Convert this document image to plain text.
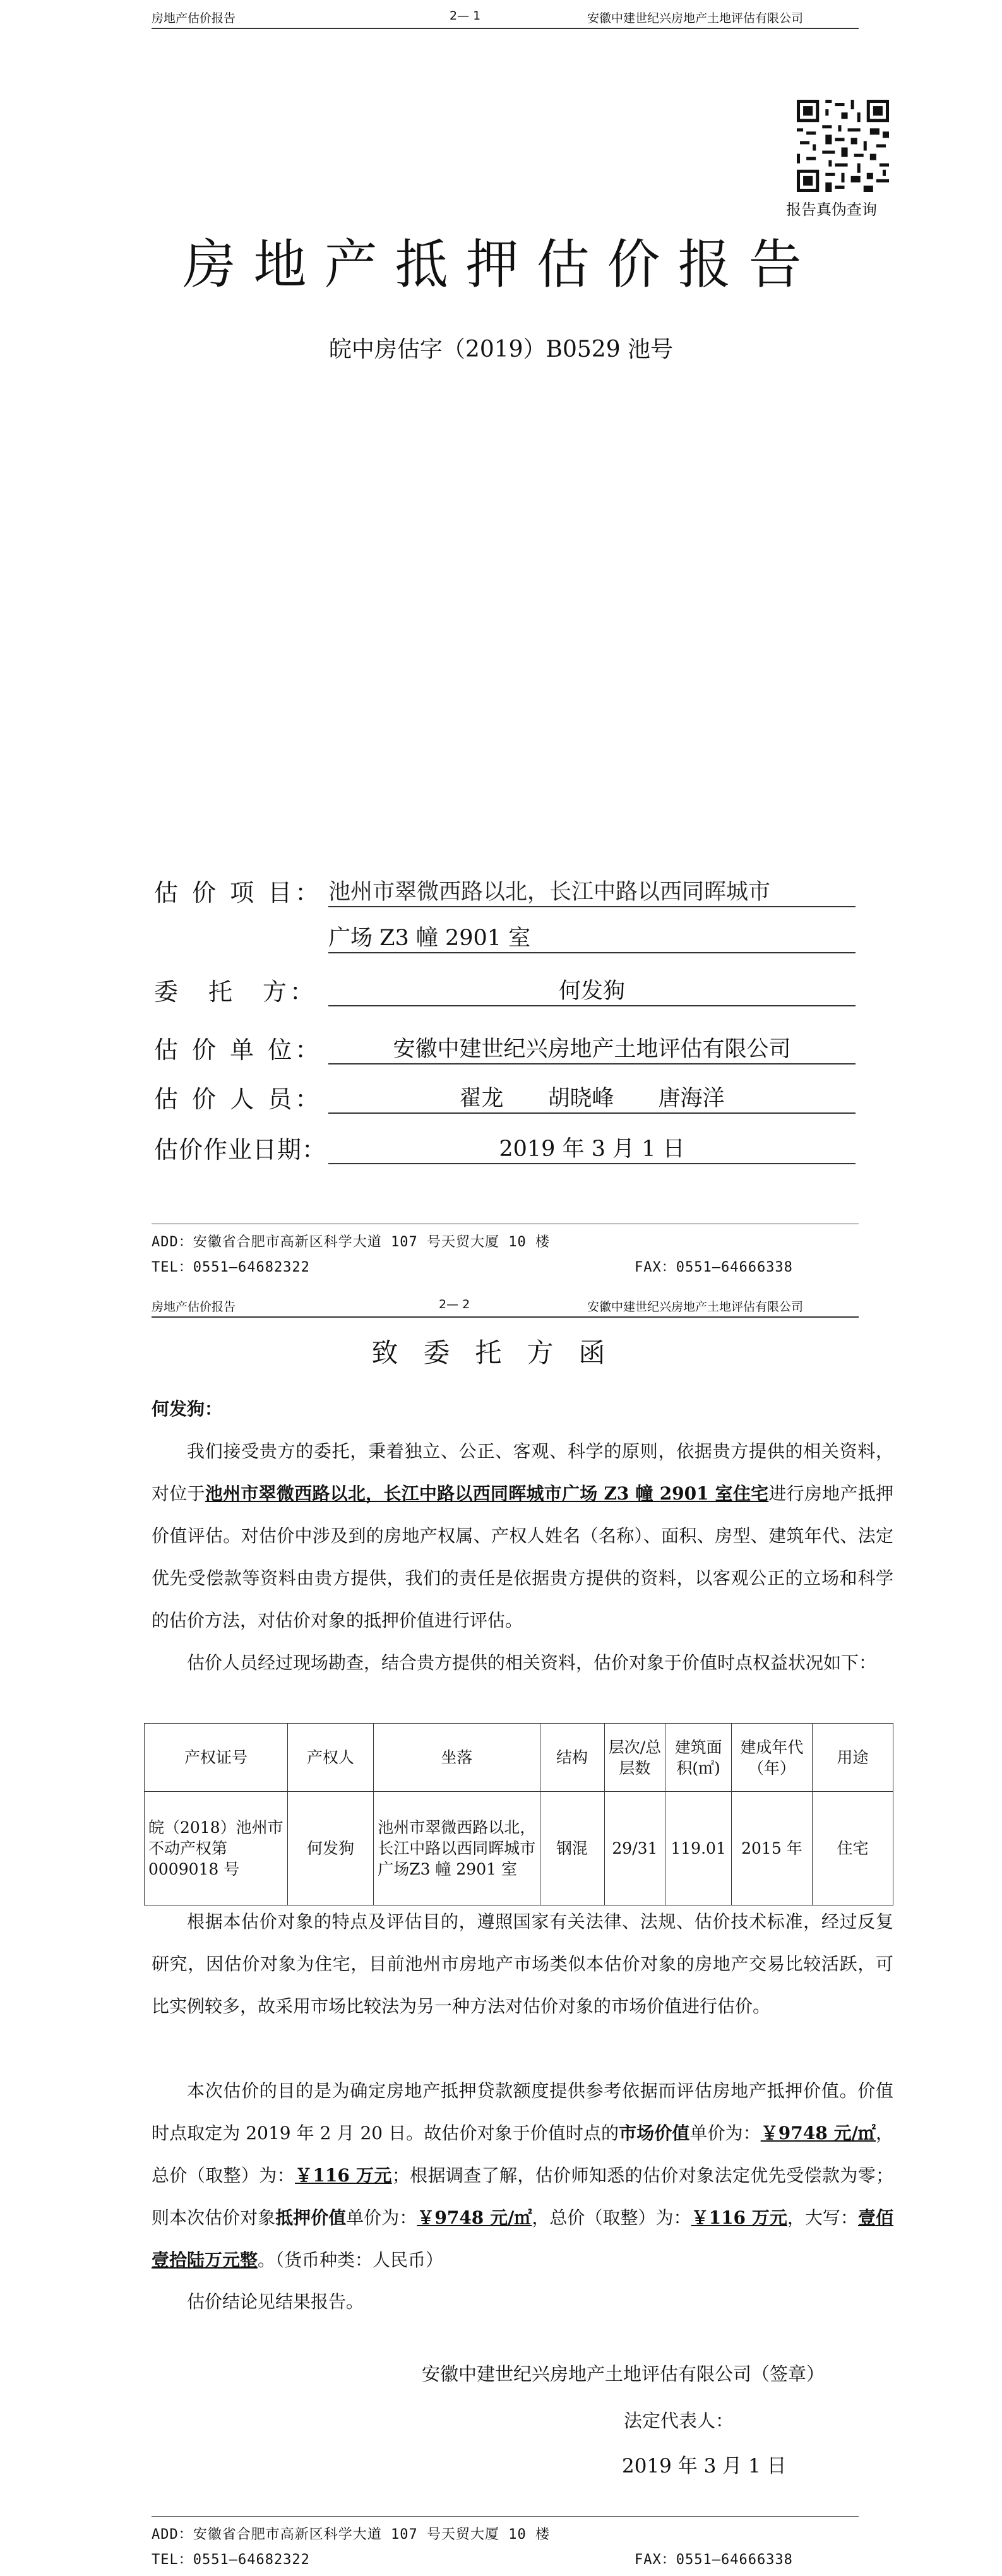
房地产估价报告	2— 1	安徽中建世纪兴房地产土地评估有限公司
报告真伪查询
房地产抵押估价报告
皖中房估字（2019）B0529 池号
估 价 项 目： 池州市翠微西路以北，长江中路以西同晖城市
广场 Z3 幢 2901 室
委　托　方：	何发狗
估 价 单 位：	安徽中建世纪兴房地产土地评估有限公司
估 价 人 员：	翟龙　　胡晓峰　　唐海洋
估价作业日期：	2019 年 3 月 1 日
ADD：安徽省合肥市高新区科学大道 107 号天贸大厦 10 楼
TEL：0551—64682322	FAX：0551—64666338
房地产估价报告	2— 2	安徽中建世纪兴房地产土地评估有限公司
致委托方函
何发狗：
我们接受贵方的委托，秉着独立、公正、客观、科学的原则，依据贵方提供的相关资料，对位于池州市翠微西路以北，长江中路以西同晖城市广场 Z3 幢 2901 室住宅进行房地产抵押价值评估。对估价中涉及到的房地产权属、产权人姓名（名称）、面积、房型、建筑年代、法定优先受偿款等资料由贵方提供，我们的责任是依据贵方提供的资料，以客观公正的立场和科学的估价方法，对估价对象的抵押价值进行评估。
估价人员经过现场勘查，结合贵方提供的相关资料，估价对象于价值时点权益状况如下：
产权证号	产权人	坐落	结构	层次/总层数	建筑面积(㎡)	建成年代（年）	用途
皖（2018）池州市不动产权第0009018 号	何发狗	池州市翠微西路以北，长江中路以西同晖城市广场Z3 幢 2901 室	钢混	29/31	119.01	2015 年	住宅
根据本估价对象的特点及评估目的，遵照国家有关法律、法规、估价技术标准，经过反复研究，因估价对象为住宅，目前池州市房地产市场类似本估价对象的房地产交易比较活跃，可比实例较多，故采用市场比较法为另一种方法对估价对象的市场价值进行估价。
本次估价的目的是为确定房地产抵押贷款额度提供参考依据而评估房地产抵押价值。价值时点取定为 2019 年 2 月 20 日。故估价对象于价值时点的市场价值单价为：￥9748 元/㎡，总价（取整）为：￥116 万元；根据调查了解，估价师知悉的估价对象法定优先受偿款为零；则本次估价对象抵押价值单价为：￥9748 元/㎡，总价（取整）为：￥116 万元，大写：壹佰壹拾陆万元整。（货币种类：人民币）
估价结论见结果报告。
安徽中建世纪兴房地产土地评估有限公司（签章）
法定代表人：
2019 年 3 月 1 日
ADD：安徽省合肥市高新区科学大道 107 号天贸大厦 10 楼
TEL：0551—64682322	FAX：0551—64666338
